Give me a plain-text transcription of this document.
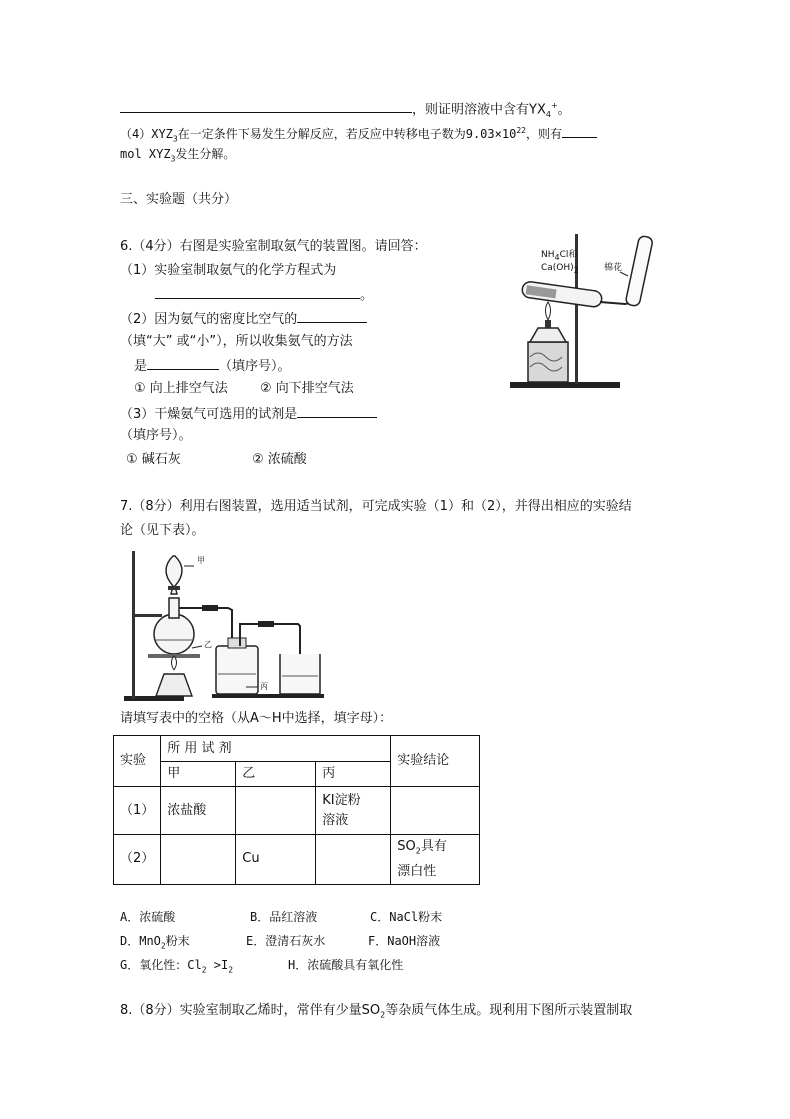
，则证明溶液中含有$YX_4^+$。
$(4)XYZ_3$在一定条件下易发生分解反应，若反应中转移电子数为$9.03\times 10^{22}$，则有
mol $XYZ_3$发生分解。
三、实验题（共分）
6.（4分）右图是实验室制取氨气的装置图。请回答：
（1）实验室制取氨气的化学方程式为
。
（2）因为氨气的密度比空气的
（填“大” 或“小”），所以收集氨气的方法
是	（填序号）。
① 向上排空气法 ② 向下排空气法
（3）干燥氨气可选用的试剂是
（填序号）。
① 碱石灰	② 浓硫酸
$NH_4Cl$和
$Ca(OH)_2$	棉花
7.（8分）利用右图装置，选用适当试剂，可完成实验（1）和（2），并得出相应的实验结
论（见下表）。
甲
乙
丙
请填写表中的空格（从A～H中选择，填字母）：
实验	所 用 试 剂			实验结论
	甲	乙	丙	
（1）	浓盐酸		KI淀粉
溶液	
（2）		Cu		$SO_2$具有
漂白性
A．浓硫酸	B．品红溶液	C．NaCl粉末
D．MnO$_2$粉末	E．澄清石灰水	F．NaOH溶液
G．氧化性：$Cl_2 >I_2$	H．浓硫酸具有氧化性
8.（8分）实验室制取乙烯时，常伴有少量$SO_2$等杂质气体生成。现利用下图所示装置制取
